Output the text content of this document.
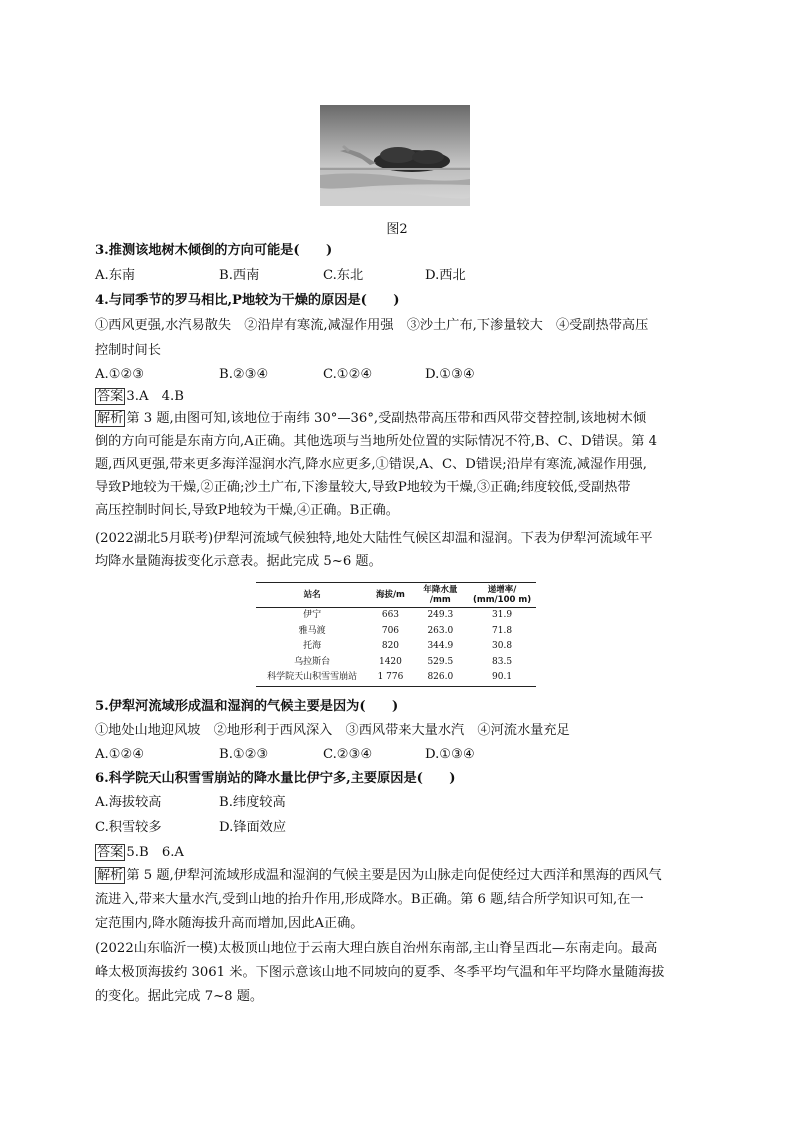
图2
3.推测该地树木倾倒的方向可能是(　　)
A.东南	B.西南	C.东北	D.西北
4.与同季节的罗马相比,P地较为干燥的原因是(　　)
①西风更强,水汽易散失　②沿岸有寒流,减湿作用强　③沙土广布,下渗量较大　④受副热带高压
控制时间长
A.①②③	B.②③④	C.①②④	D.①③④
答案 3.A　4.B
解析 第 3 题,由图可知,该地位于南纬 30°—36°,受副热带高压带和西风带交替控制,该地树木倾
倒的方向可能是东南方向,A正确。其他选项与当地所处位置的实际情况不符,B、C、D错误。第 4
题,西风更强,带来更多海洋湿润水汽,降水应更多,①错误,A、C、D错误;沿岸有寒流,减湿作用强,
导致P地较为干燥,②正确;沙土广布,下渗量较大,导致P地较为干燥,③正确;纬度较低,受副热带
高压控制时间长,导致P地较为干燥,④正确。B正确。
(2022湖北5月联考)伊犁河流域气候独特,地处大陆性气候区却温和湿润。下表为伊犁河流域年平
均降水量随海拔变化示意表。据此完成 5~6 题。
站名	海拔/m	年降水量
/mm	递增率/
(mm/100 m)
伊宁	663	249.3	31.9
雅马渡	706	263.0	71.8
托海	820	344.9	30.8
乌拉斯台	1420	529.5	83.5
科学院天山积雪雪崩站	1 776	826.0	90.1
5.伊犁河流域形成温和湿润的气候主要是因为(　　)
①地处山地迎风坡　②地形利于西风深入　③西风带来大量水汽　④河流水量充足
A.①②④	B.①②③	C.②③④	D.①③④
6.科学院天山积雪雪崩站的降水量比伊宁多,主要原因是(　　)
A.海拔较高	B.纬度较高
C.积雪较多	D.锋面效应
答案 5.B　6.A
解析 第 5 题,伊犁河流域形成温和湿润的气候主要是因为山脉走向促使经过大西洋和黑海的西风气
流进入,带来大量水汽,受到山地的抬升作用,形成降水。B正确。第 6 题,结合所学知识可知,在一
定范围内,降水随海拔升高而增加,因此A正确。
(2022山东临沂一模)太极顶山地位于云南大理白族自治州东南部,主山脊呈西北—东南走向。最高
峰太极顶海拔约 3061 米。下图示意该山地不同坡向的夏季、冬季平均气温和年平均降水量随海拔
的变化。据此完成 7~8 题。
